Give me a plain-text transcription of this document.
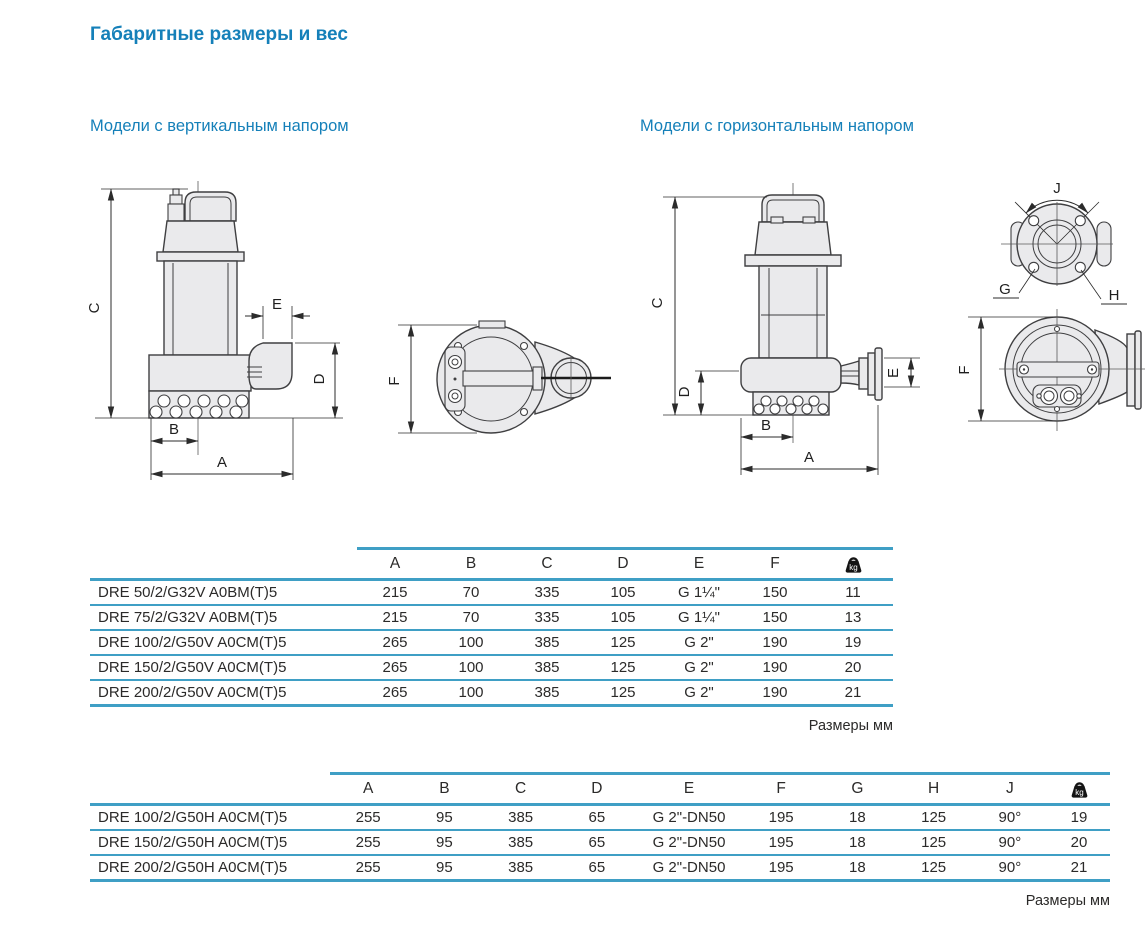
Габаритные размеры и вес
Модели с вертикальным напором	Модели с горизонтальным напором
C	E
D
B
A
F
C
D
B
A
E
J
G	H
F
	A	B	C	D	E	F	kg

DRE 50/2/G32V A0BM(T)5	215	70	335	105	G 1¼"	150	11
DRE 75/2/G32V A0BM(T)5	215	70	335	105	G 1¼"	150	13
DRE 100/2/G50V A0CM(T)5	265	100	385	125	G 2"	190	19
DRE 150/2/G50V A0CM(T)5	265	100	385	125	G 2"	190	20
DRE 200/2/G50V A0CM(T)5	265	100	385	125	G 2"	190	21
Размеры мм
	A	B	C	D	E	F	G	H	J	kg

DRE 100/2/G50H A0CM(T)5	255	95	385	65	G 2"-DN50	195	18	125	90°	19
DRE 150/2/G50H A0CM(T)5	255	95	385	65	G 2"-DN50	195	18	125	90°	20
DRE 200/2/G50H A0CM(T)5	255	95	385	65	G 2"-DN50	195	18	125	90°	21
Размеры мм
